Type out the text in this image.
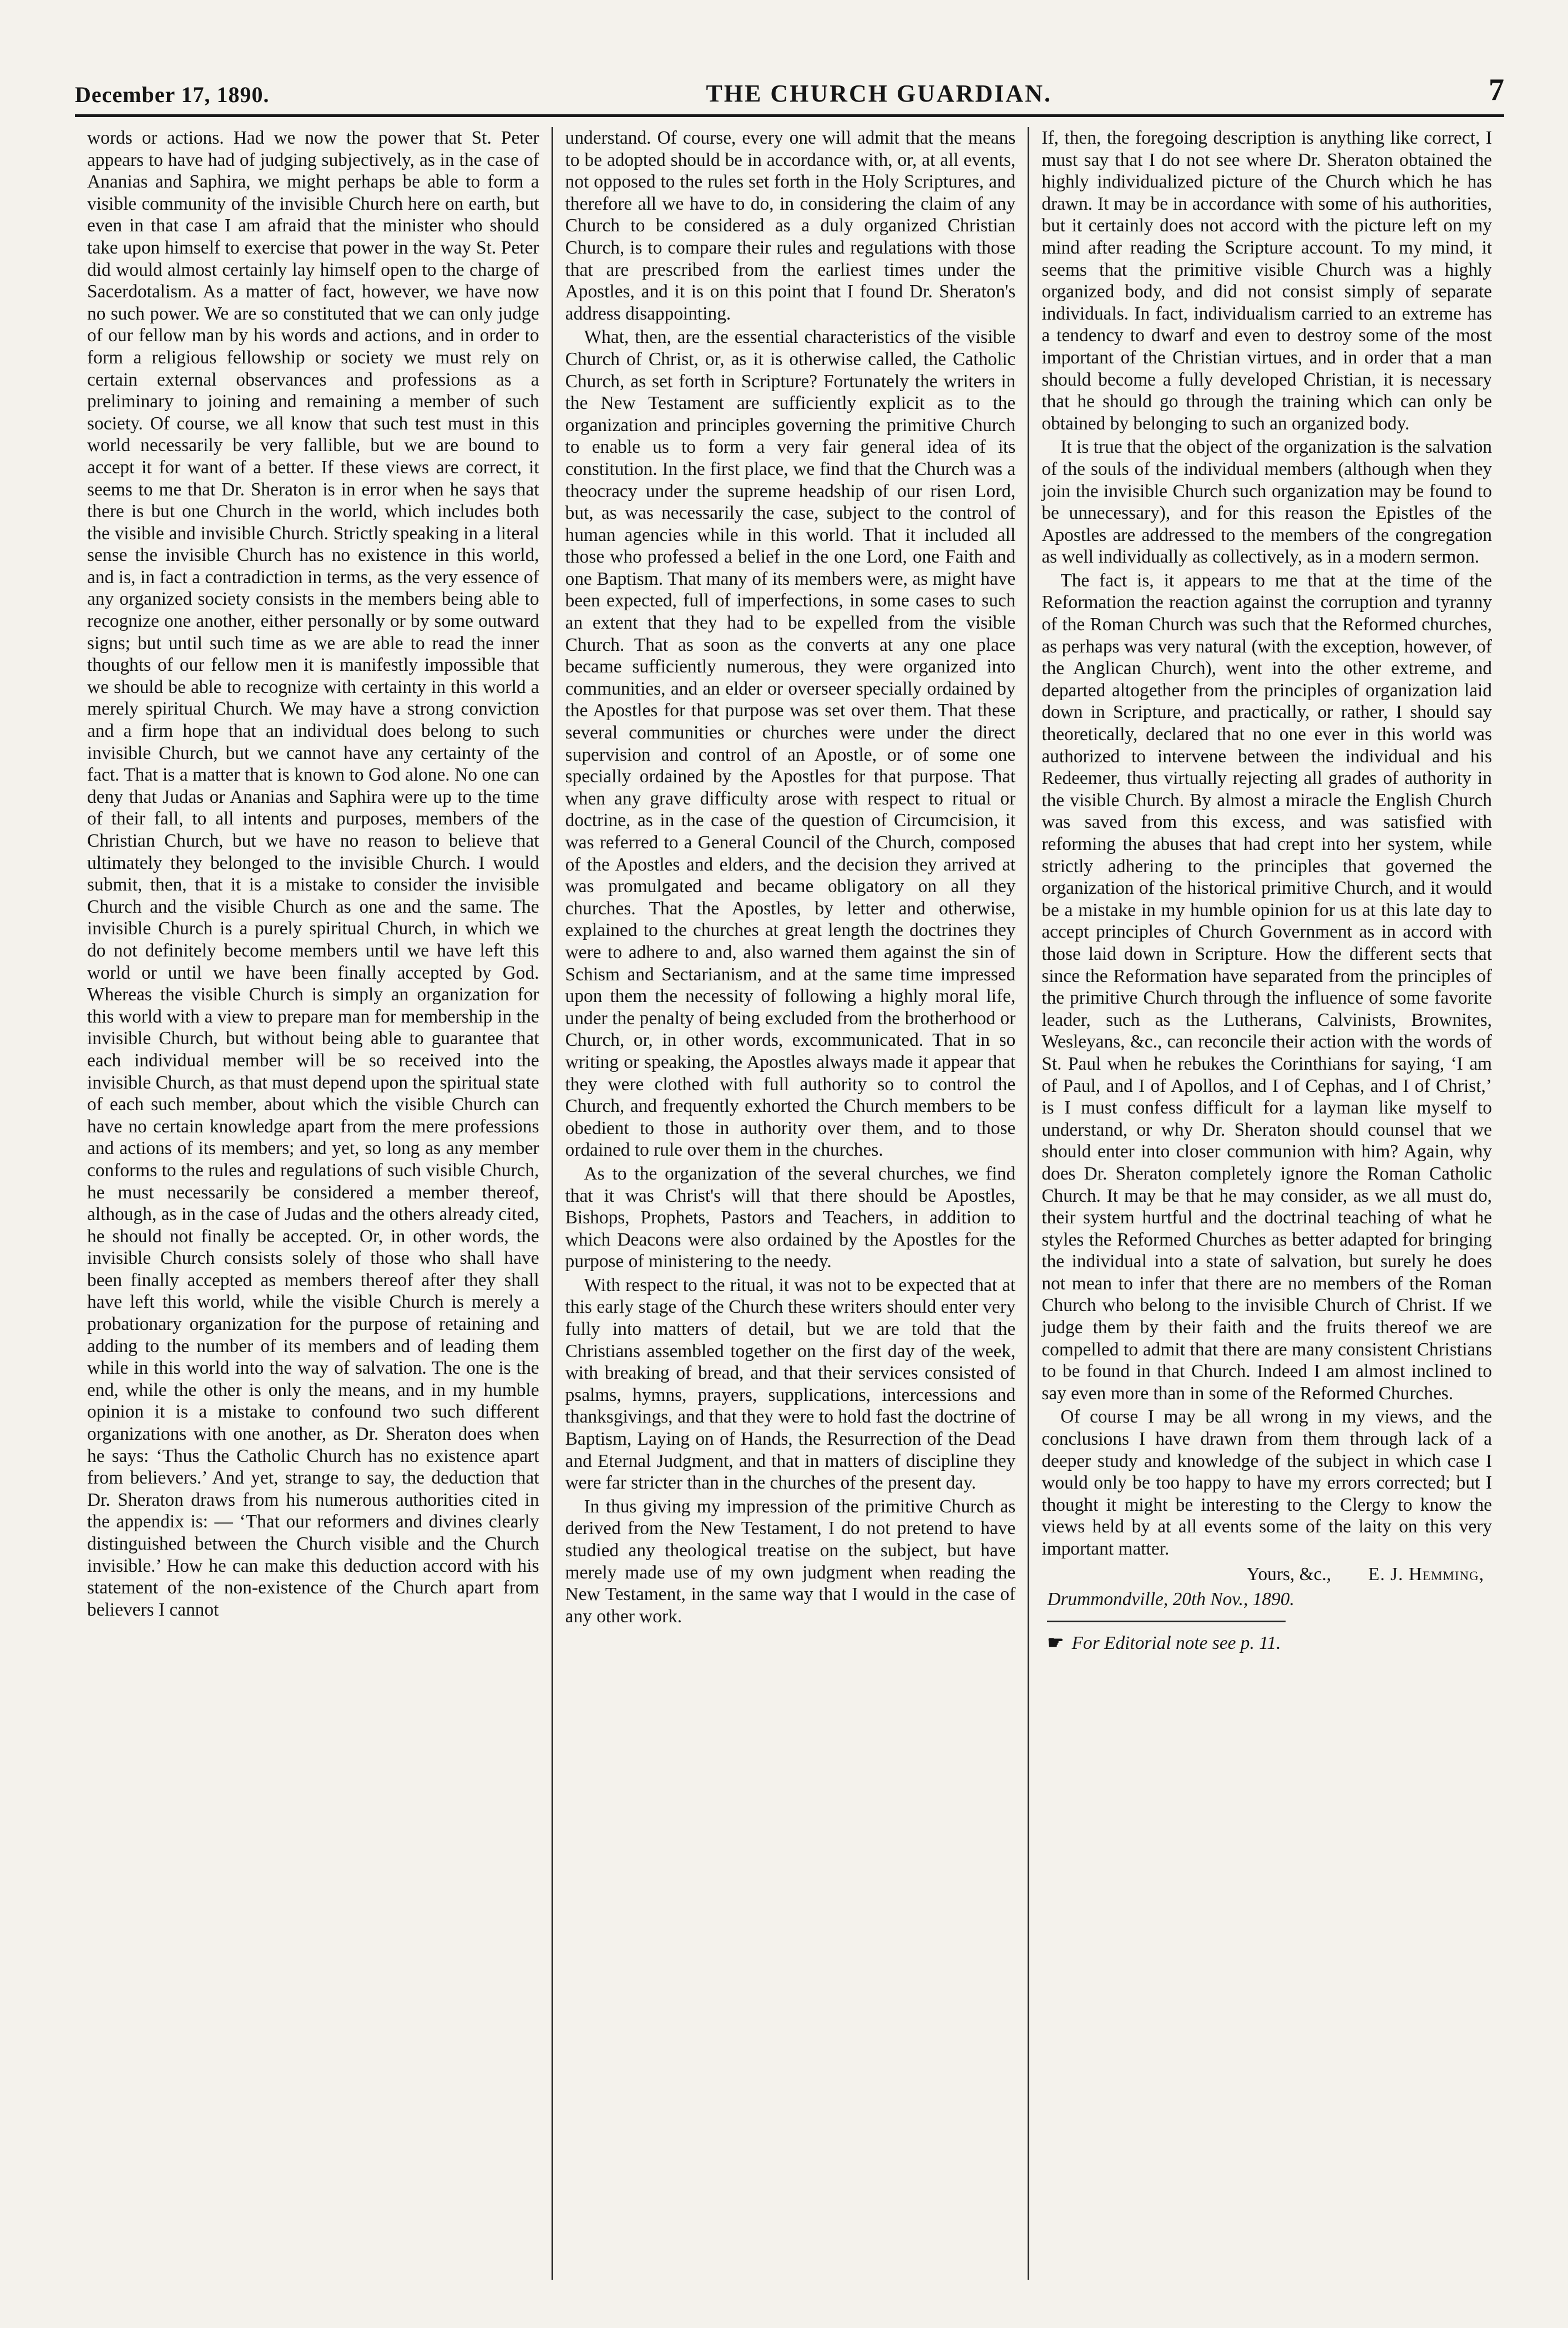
December 17, 1890.	THE CHURCH GUARDIAN.	7

words or actions. Had we now the power that St. Peter appears to have had of judging subjectively, as in the case of Ananias and Saphira, we might perhaps be able to form a visible community of the invisible Church here on earth, but even in that case I am afraid that the minister who should take upon himself to exercise that power in the way St. Peter did would almost certainly lay himself open to the charge of Sacerdotalism. As a matter of fact, however, we have now no such power. We are so constituted that we can only judge of our fellow man by his words and actions, and in order to form a religious fellowship or society we must rely on certain external observances and professions as a preliminary to joining and remaining a member of such society. Of course, we all know that such test must in this world necessarily be very fallible, but we are bound to accept it for want of a better. If these views are correct, it seems to me that Dr. Sheraton is in error when he says that there is but one Church in the world, which includes both the visible and invisible Church. Strictly speaking in a literal sense the invisible Church has no existence in this world, and is, in fact a contradiction in terms, as the very essence of any organized society consists in the members being able to recognize one another, either personally or by some outward signs; but until such time as we are able to read the inner thoughts of our fellow men it is manifestly impossible that we should be able to recognize with certainty in this world a merely spiritual Church. We may have a strong conviction and a firm hope that an individual does belong to such invisible Church, but we cannot have any certainty of the fact. That is a matter that is known to God alone. No one can deny that Judas or Ananias and Saphira were up to the time of their fall, to all intents and purposes, members of the Christian Church, but we have no reason to believe that ultimately they belonged to the invisible Church. I would submit, then, that it is a mistake to consider the invisible Church and the visible Church as one and the same. The invisible Church is a purely spiritual Church, in which we do not definitely become members until we have left this world or until we have been finally accepted by God. Whereas the visible Church is simply an organization for this world with a view to prepare man for membership in the invisible Church, but without being able to guarantee that each individual member will be so received into the invisible Church, as that must depend upon the spiritual state of each such member, about which the visible Church can have no certain knowledge apart from the mere professions and actions of its members; and yet, so long as any member conforms to the rules and regulations of such visible Church, he must necessarily be considered a member thereof, although, as in the case of Judas and the others already cited, he should not finally be accepted. Or, in other words, the invisible Church consists solely of those who shall have been finally accepted as members thereof after they shall have left this world, while the visible Church is merely a probationary organization for the purpose of retaining and adding to the number of its members and of leading them while in this world into the way of salvation. The one is the end, while the other is only the means, and in my humble opinion it is a mistake to confound two such different organizations with one another, as Dr. Sheraton does when he says: ‘Thus the Catholic Church has no existence apart from believers.’ And yet, strange to say, the deduction that Dr. Sheraton draws from his numerous authorities cited in the appendix is: — ‘That our reformers and divines clearly distinguished between the Church visible and the Church invisible.’ How he can make this deduction accord with his statement of the non-existence of the Church apart from believers I cannot

understand. Of course, every one will admit that the means to be adopted should be in accordance with, or, at all events, not opposed to the rules set forth in the Holy Scriptures, and therefore all we have to do, in considering the claim of any Church to be considered as a duly organized Christian Church, is to compare their rules and regulations with those that are prescribed from the earliest times under the Apostles, and it is on this point that I found Dr. Sheraton's address disappointing.

What, then, are the essential characteristics of the visible Church of Christ, or, as it is otherwise called, the Catholic Church, as set forth in Scripture? Fortunately the writers in the New Testament are sufficiently explicit as to the organization and principles governing the primitive Church to enable us to form a very fair general idea of its constitution. In the first place, we find that the Church was a theocracy under the supreme headship of our risen Lord, but, as was necessarily the case, subject to the control of human agencies while in this world. That it included all those who professed a belief in the one Lord, one Faith and one Baptism. That many of its members were, as might have been expected, full of imperfections, in some cases to such an extent that they had to be expelled from the visible Church. That as soon as the converts at any one place became sufficiently numerous, they were organized into communities, and an elder or overseer specially ordained by the Apostles for that purpose was set over them. That these several communities or churches were under the direct supervision and control of an Apostle, or of some one specially ordained by the Apostles for that purpose. That when any grave difficulty arose with respect to ritual or doctrine, as in the case of the question of Circumcision, it was referred to a General Council of the Church, composed of the Apostles and elders, and the decision they arrived at was promulgated and became obligatory on all they churches. That the Apostles, by letter and otherwise, explained to the churches at great length the doctrines they were to adhere to and, also warned them against the sin of Schism and Sectarianism, and at the same time impressed upon them the necessity of following a highly moral life, under the penalty of being excluded from the brotherhood or Church, or, in other words, excommunicated. That in so writing or speaking, the Apostles always made it appear that they were clothed with full authority so to control the Church, and frequently exhorted the Church members to be obedient to those in authority over them, and to those ordained to rule over them in the churches.

As to the organization of the several churches, we find that it was Christ's will that there should be Apostles, Bishops, Prophets, Pastors and Teachers, in addition to which Deacons were also ordained by the Apostles for the purpose of ministering to the needy.

With respect to the ritual, it was not to be expected that at this early stage of the Church these writers should enter very fully into matters of detail, but we are told that the Christians assembled together on the first day of the week, with breaking of bread, and that their services consisted of psalms, hymns, prayers, supplications, intercessions and thanksgivings, and that they were to hold fast the doctrine of Baptism, Laying on of Hands, the Resurrection of the Dead and Eternal Judgment, and that in matters of discipline they were far stricter than in the churches of the present day.

In thus giving my impression of the primitive Church as derived from the New Testament, I do not pretend to have studied any theological treatise on the subject, but have merely made use of my own judgment when reading the New Testament, in the same way that I would in the case of any other work.

If, then, the foregoing description is anything like correct, I must say that I do not see where Dr. Sheraton obtained the highly individualized picture of the Church which he has drawn. It may be in accordance with some of his authorities, but it certainly does not accord with the picture left on my mind after reading the Scripture account. To my mind, it seems that the primitive visible Church was a highly organized body, and did not consist simply of separate individuals. In fact, individualism carried to an extreme has a tendency to dwarf and even to destroy some of the most important of the Christian virtues, and in order that a man should become a fully developed Christian, it is necessary that he should go through the training which can only be obtained by belonging to such an organized body.

It is true that the object of the organization is the salvation of the souls of the individual members (although when they join the invisible Church such organization may be found to be unnecessary), and for this reason the Epistles of the Apostles are addressed to the members of the congregation as well individually as collectively, as in a modern sermon.

The fact is, it appears to me that at the time of the Reformation the reaction against the corruption and tyranny of the Roman Church was such that the Reformed churches, as perhaps was very natural (with the exception, however, of the Anglican Church), went into the other extreme, and departed altogether from the principles of organization laid down in Scripture, and practically, or rather, I should say theoretically, declared that no one ever in this world was authorized to intervene between the individual and his Redeemer, thus virtually rejecting all grades of authority in the visible Church. By almost a miracle the English Church was saved from this excess, and was satisfied with reforming the abuses that had crept into her system, while strictly adhering to the principles that governed the organization of the historical primitive Church, and it would be a mistake in my humble opinion for us at this late day to accept principles of Church Government as in accord with those laid down in Scripture. How the different sects that since the Reformation have separated from the principles of the primitive Church through the influence of some favorite leader, such as the Lutherans, Calvinists, Brownites, Wesleyans, &c., can reconcile their action with the words of St. Paul when he rebukes the Corinthians for saying, ‘I am of Paul, and I of Apollos, and I of Cephas, and I of Christ,’ is I must confess difficult for a layman like myself to understand, or why Dr. Sheraton should counsel that we should enter into closer communion with him? Again, why does Dr. Sheraton completely ignore the Roman Catholic Church. It may be that he may consider, as we all must do, their system hurtful and the doctrinal teaching of what he styles the Reformed Churches as better adapted for bringing the individual into a state of salvation, but surely he does not mean to infer that there are no members of the Roman Church who belong to the invisible Church of Christ. If we judge them by their faith and the fruits thereof we are compelled to admit that there are many consistent Christians to be found in that Church. Indeed I am almost inclined to say even more than in some of the Reformed Churches.

Of course I may be all wrong in my views, and the conclusions I have drawn from them through lack of a deeper study and knowledge of the subject in which case I would only be too happy to have my errors corrected; but I thought it might be interesting to the Clergy to know the views held by at all events some of the laity on this very important matter.

Yours, &c., E. J. Hemming,
Drummondville, 20th Nov., 1890.
☛ For Editorial note see p. 11.
